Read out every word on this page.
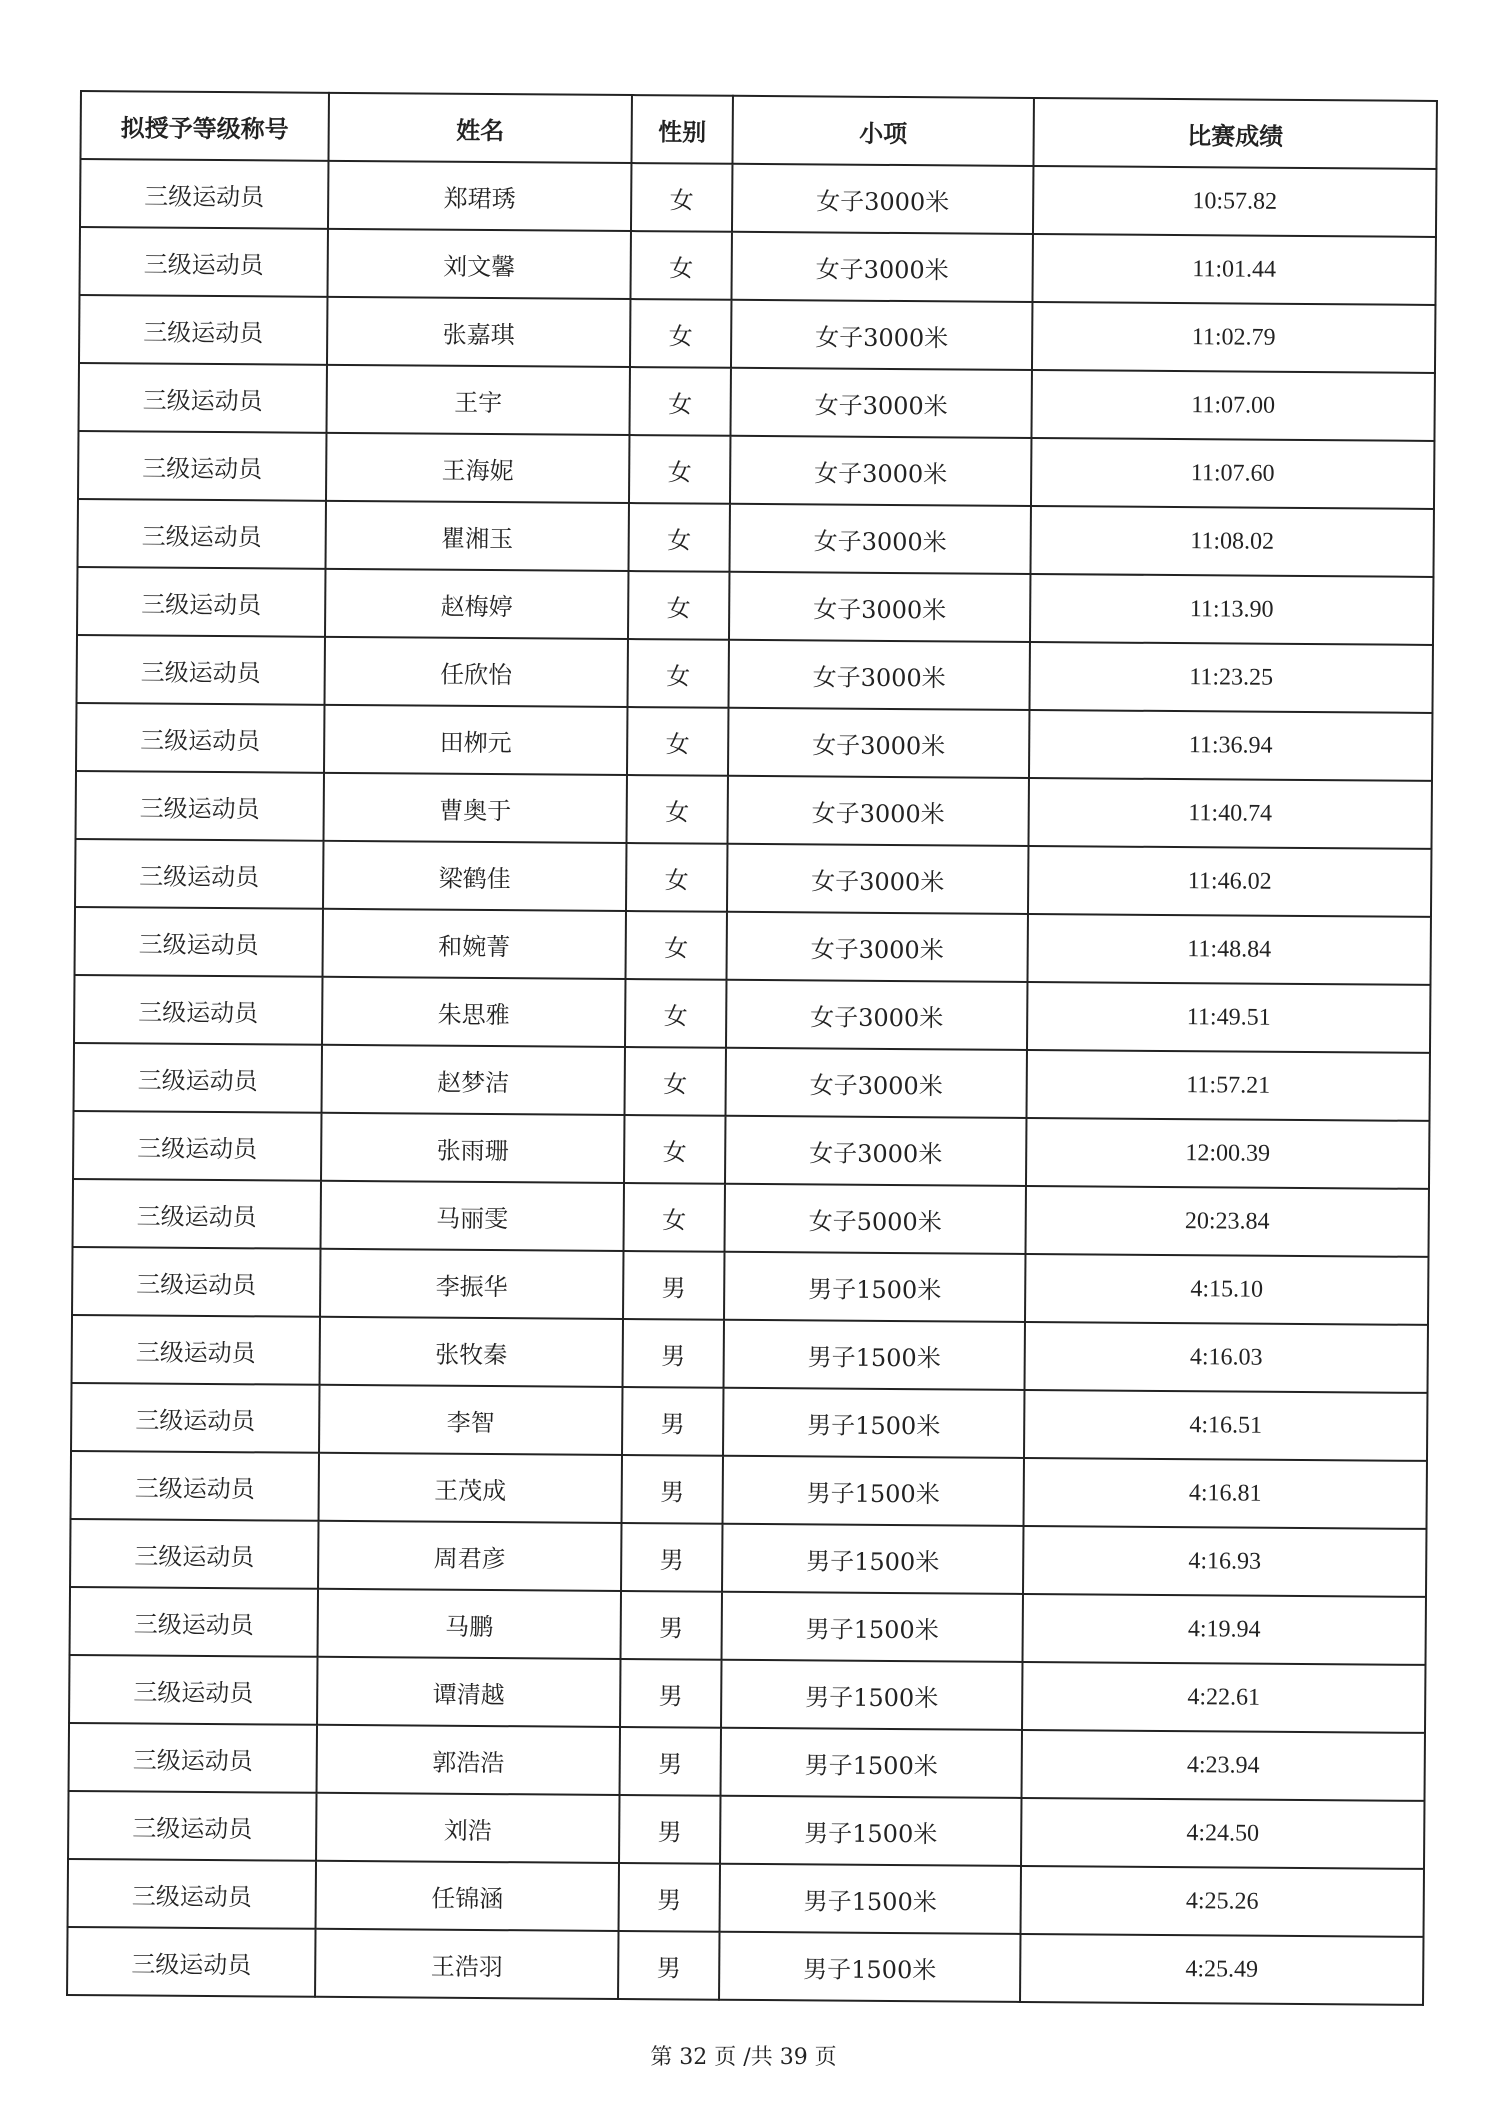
拟授予等级称号	姓名	性别	小项	比赛成绩
三级运动员	郑珺琇	女	女子3000米	10:57.82
三级运动员	刘文馨	女	女子3000米	11:01.44
三级运动员	张嘉琪	女	女子3000米	11:02.79
三级运动员	王宇	女	女子3000米	11:07.00
三级运动员	王海妮	女	女子3000米	11:07.60
三级运动员	瞿湘玉	女	女子3000米	11:08.02
三级运动员	赵梅婷	女	女子3000米	11:13.90
三级运动员	任欣怡	女	女子3000米	11:23.25
三级运动员	田栁元	女	女子3000米	11:36.94
三级运动员	曹奥于	女	女子3000米	11:40.74
三级运动员	梁鹤佳	女	女子3000米	11:46.02
三级运动员	和婉菁	女	女子3000米	11:48.84
三级运动员	朱思雅	女	女子3000米	11:49.51
三级运动员	赵梦洁	女	女子3000米	11:57.21
三级运动员	张雨珊	女	女子3000米	12:00.39
三级运动员	马丽雯	女	女子5000米	20:23.84
三级运动员	李振华	男	男子1500米	4:15.10
三级运动员	张牧秦	男	男子1500米	4:16.03
三级运动员	李智	男	男子1500米	4:16.51
三级运动员	王茂成	男	男子1500米	4:16.81
三级运动员	周君彦	男	男子1500米	4:16.93
三级运动员	马鹏	男	男子1500米	4:19.94
三级运动员	谭清越	男	男子1500米	4:22.61
三级运动员	郭浩浩	男	男子1500米	4:23.94
三级运动员	刘浩	男	男子1500米	4:24.50
三级运动员	任锦涵	男	男子1500米	4:25.26
三级运动员	王浩羽	男	男子1500米	4:25.49
第 32 页 /共 39 页
